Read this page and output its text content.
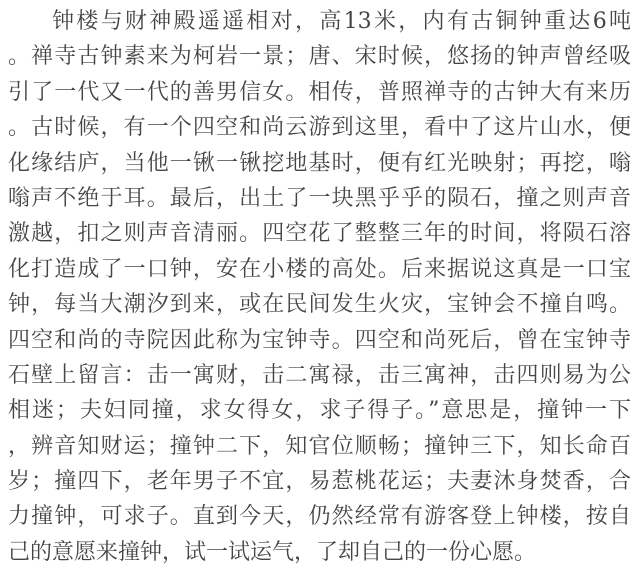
钟楼与财神殿遥遥相对，高13米，内有古铜钟重达6吨
。禅寺古钟素来为柯岩一景；唐、宋时候，悠扬的钟声曾经吸
引了一代又一代的善男信女。相传，普照禅寺的古钟大有来历
。古时候，有一个四空和尚云游到这里，看中了这片山水，便
化缘结庐，当他一锹一锹挖地基时，便有红光映射；再挖，嗡
嗡声不绝于耳。最后，出土了一块黑乎乎的陨石，撞之则声音
激越，扣之则声音清丽。四空花了整整三年的时间，将陨石溶
化打造成了一口钟，安在小楼的高处。后来据说这真是一口宝
钟，每当大潮汐到来，或在民间发生火灾，宝钟会不撞自鸣。
四空和尚的寺院因此称为宝钟寺。四空和尚死后，曾在宝钟寺
石壁上留言：击一寓财，击二寓禄，击三寓神，击四则易为公
相迷；夫妇同撞，求女得女，求子得子。”意思是，撞钟一下
，辨音知财运；撞钟二下，知官位顺畅；撞钟三下，知长命百
岁；撞四下，老年男子不宜，易惹桃花运；夫妻沐身焚香，合
力撞钟，可求子。直到今天，仍然经常有游客登上钟楼，按自
己的意愿来撞钟，试一试运气，了却自己的一份心愿。
